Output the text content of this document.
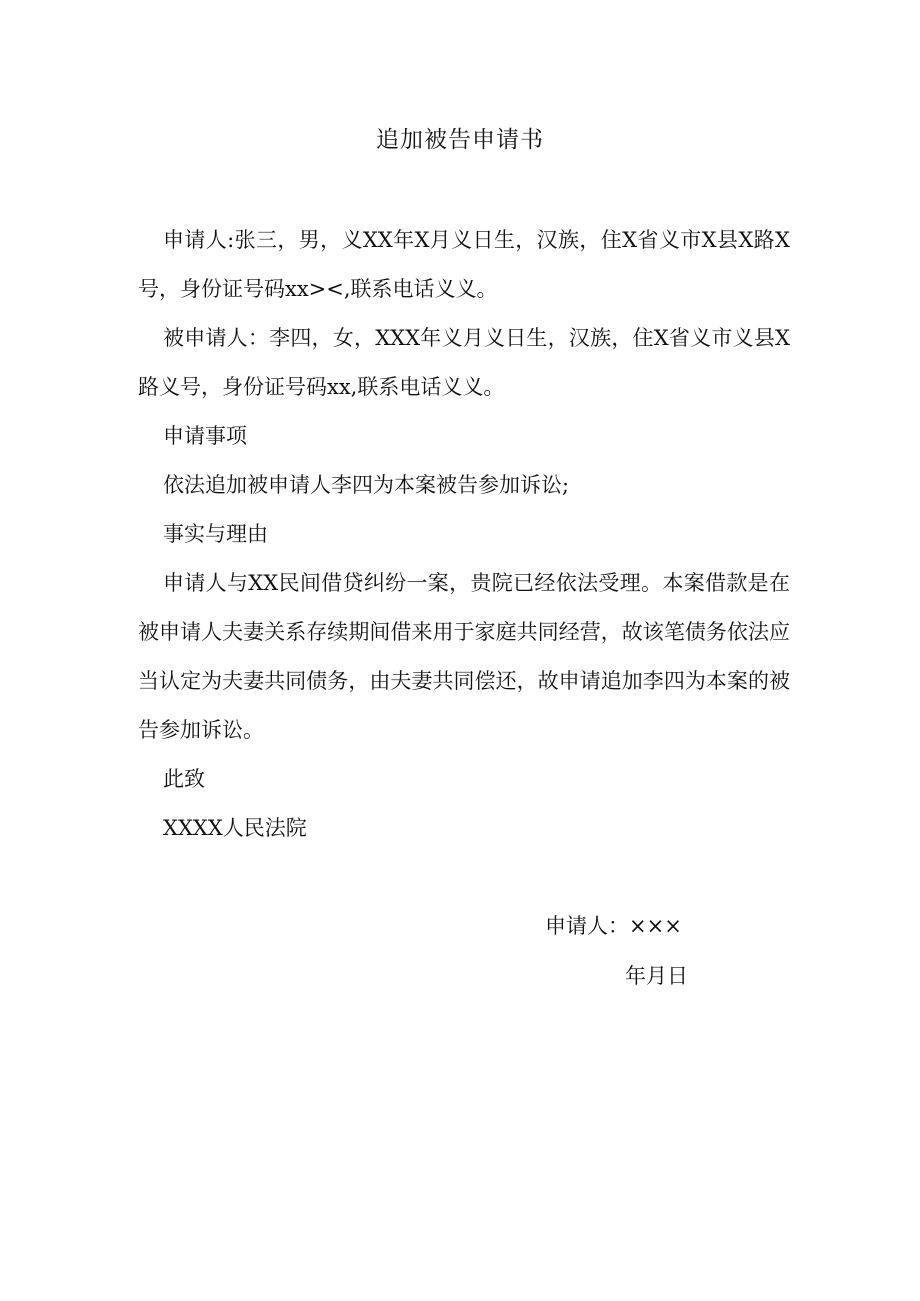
追加被告申请书

申请人:张三，男，义XX年X月义日生，汉族，住X省义市X县X路X号，身份证号码xx><,联系电话义义。

被申请人：李四，女，XXX年义月义日生，汉族，住X省义市义县X路义号，身份证号码xx,联系电话义义。

申请事项

依法追加被申请人李四为本案被告参加诉讼;

事实与理由

申请人与XX民间借贷纠纷一案，贵院已经依法受理。本案借款是在被申请人夫妻关系存续期间借来用于家庭共同经营，故该笔债务依法应当认定为夫妻共同债务，由夫妻共同偿还，故申请追加李四为本案的被告参加诉讼。

此致

XXXX人民法院

申请人：×××
年月日
